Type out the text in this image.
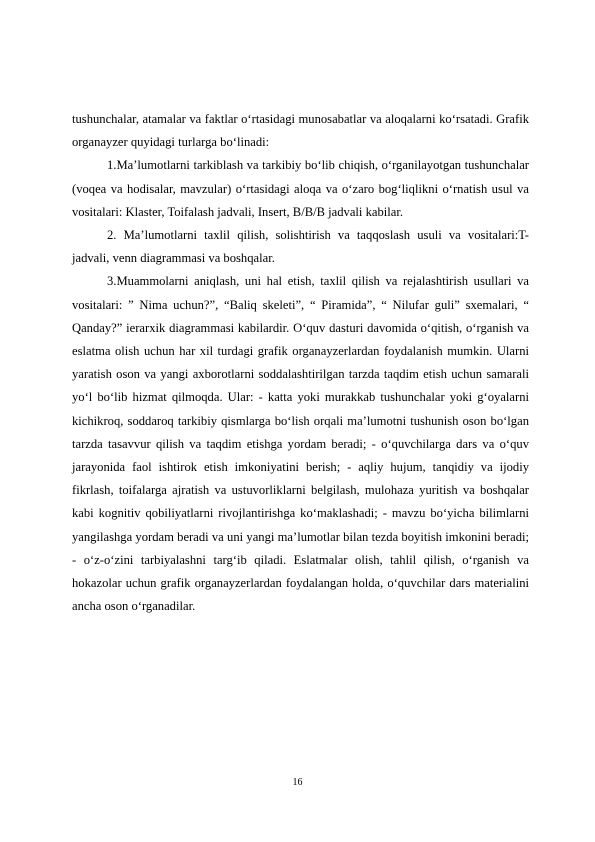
tushunchalar, atamalar va faktlar o‘rtasidagi munosabatlar va aloqalarni ko‘rsatadi. Grafik organayzer quyidagi turlarga bo‘linadi:

1.Ma’lumotlarni tarkiblash va tarkibiy bo‘lib chiqish, o‘rganilayotgan tushunchalar (voqea va hodisalar, mavzular) o‘rtasidagi aloqa va o‘zaro bog‘liqlikni o‘rnatish usul va vositalari: Klaster, Toifalash jadvali, Insert, B/B/B jadvali kabilar.

2. Ma’lumotlarni taxlil qilish, solishtirish va taqqoslash usuli va vositalari:T-jadvali, venn diagrammasi va boshqalar.

3.Muammolarni aniqlash, uni hal etish, taxlil qilish va rejalashtirish usullari va vositalari: ” Nima uchun?”, “Baliq skeleti”, “ Piramida”, “ Nilufar guli” sxemalari, “ Qanday?” ierarxik diagrammasi kabilardir. O‘quv dasturi davomida o‘qitish, o‘rganish va eslatma olish uchun har xil turdagi grafik organayzerlardan foydalanish mumkin. Ularni yaratish oson va yangi axborotlarni soddalashtirilgan tarzda taqdim etish uchun samarali yo‘l bo‘lib hizmat qilmoqda. Ular: - katta yoki murakkab tushunchalar yoki g‘oyalarni kichikroq, soddaroq tarkibiy qismlarga bo‘lish orqali ma’lumotni tushunish oson bo‘lgan tarzda tasavvur qilish va taqdim etishga yordam beradi; - o‘quvchilarga dars va o‘quv jarayonida faol ishtirok etish imkoniyatini berish; - aqliy hujum, tanqidiy va ijodiy fikrlash, toifalarga ajratish va ustuvorliklarni belgilash, mulohaza yuritish va boshqalar kabi kognitiv qobiliyatlarni rivojlantirishga ko‘maklashadi; - mavzu bo‘yicha bilimlarni yangilashga yordam beradi va uni yangi ma’lumotlar bilan tezda boyitish imkonini beradi; - o‘z-o‘zini tarbiyalashni targ‘ib qiladi. Eslatmalar olish, tahlil qilish, o‘rganish va hokazolar uchun grafik organayzerlardan foydalangan holda, o‘quvchilar dars materialini ancha oson o‘rganadilar.

16
